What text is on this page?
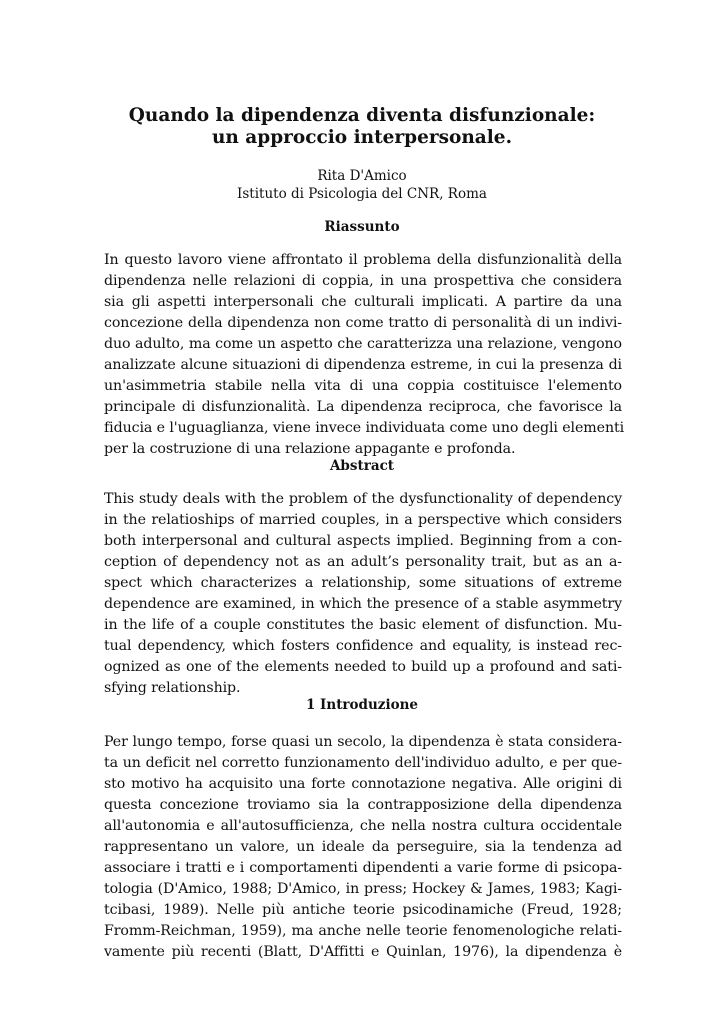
Quando la dipendenza diventa disfunzionale:
un approccio interpersonale.

Rita D'Amico

Istituto di Psicologia del CNR, Roma

Riassunto
In questo lavoro viene affrontato il problema della disfunzionalità della
dipendenza nelle relazioni di coppia, in una prospettiva che considera
sia gli aspetti interpersonali che culturali implicati. A partire da una
concezione della dipendenza non come tratto di personalità di un indivi-
duo adulto, ma come un aspetto che caratterizza una relazione, vengono
analizzate alcune situazioni di dipendenza estreme, in cui la presenza di
un'asimmetria stabile nella vita di una coppia costituisce l'elemento
principale di disfunzionalità. La dipendenza reciproca, che favorisce la
fiducia e l'uguaglianza, viene invece individuata come uno degli elementi
per la costruzione di una relazione appagante e profonda.
Abstract
This study deals with the problem of the dysfunctionality of dependency
in the relatioships of married couples, in a perspective which considers
both interpersonal and cultural aspects implied. Beginning from a con-
ception of dependency not as an adult’s personality trait, but as an a-
spect which characterizes a relationship, some situations of extreme
dependence are examined, in which the presence of a stable asymmetry
in the life of a couple constitutes the basic element of disfunction. Mu-
tual dependency, which fosters confidence and equality, is instead rec-
ognized as one of the elements needed to build up a profound and sati-
sfying relationship.
1 Introduzione
Per lungo tempo, forse quasi un secolo, la dipendenza è stata considera-
ta un deficit nel corretto funzionamento dell'individuo adulto, e per que-
sto motivo ha acquisito una forte connotazione negativa. Alle origini di
questa concezione troviamo sia la contrapposizione della dipendenza
all'autonomia e all'autosufficienza, che nella nostra cultura occidentale
rappresentano un valore, un ideale da perseguire, sia la tendenza ad
associare i tratti e i comportamenti dipendenti a varie forme di psicopa-
tologia (D'Amico, 1988; D'Amico, in press; Hockey & James, 1983; Kagi-
tcibasi, 1989). Nelle più antiche teorie psicodinamiche (Freud, 1928;
Fromm-Reichman, 1959), ma anche nelle teorie fenomenologiche relati-
vamente più recenti (Blatt, D'Affitti e Quinlan, 1976), la dipendenza è
